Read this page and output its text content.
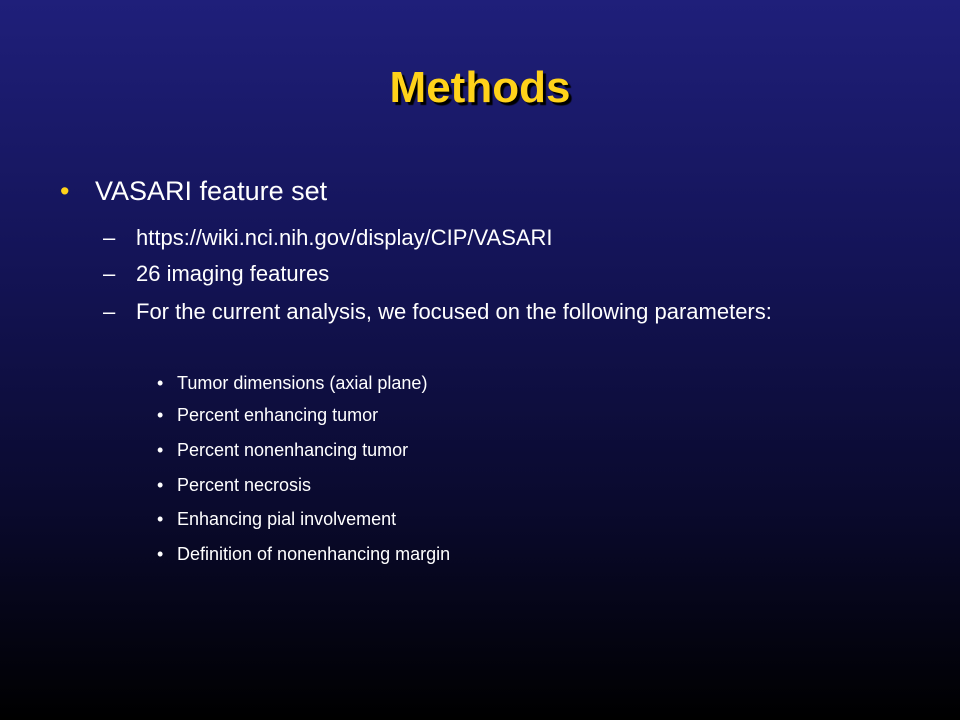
Methods
• VASARI feature set
– https://wiki.nci.nih.gov/display/CIP/VASARI
– 26 imaging features
– For the current analysis, we focused on the following parameters:
• Tumor dimensions (axial plane)
• Percent enhancing tumor
• Percent nonenhancing tumor
• Percent necrosis
• Enhancing pial involvement
• Definition of nonenhancing margin
